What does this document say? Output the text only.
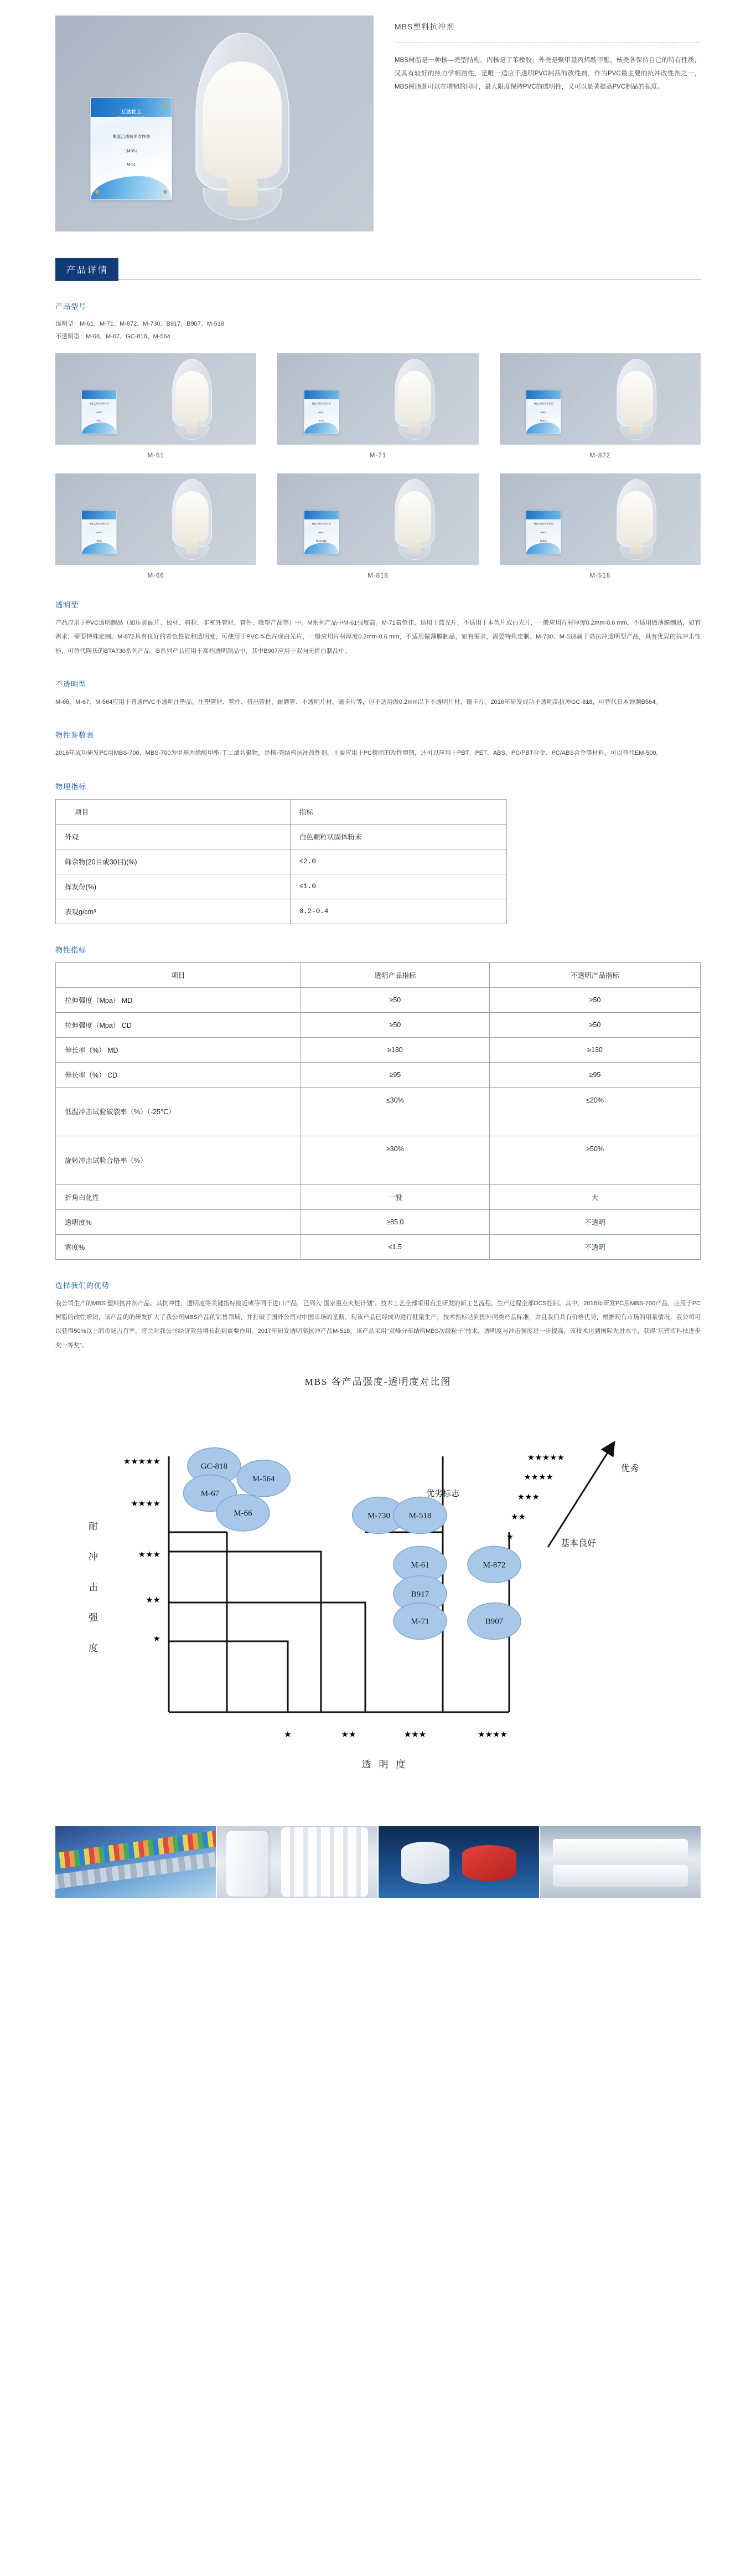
万达化工
WANDA CHEMICAL
聚氯乙烯抗冲改性剂
（MBS）
M-61
MBS塑料抗冲剂

MBS树脂是一种核—壳型结构，内核是丁苯橡胶，外壳是聚甲基丙烯酸甲酯，核壳各保持自己的特有性质，又具有较好的热力学相溶性，是唯一适应于透明PVC制品的改性剂，作为PVC最主要的抗冲改性剂之一，MBS树脂既可以在增韧的同时，最大限度保持PVC的透明性，又可以显著提高PVC制品的强度。

产品详情
产品型号
透明型：M-61、M-71、M-872、M-730、B917、B907、M-518
不透明型：M-66、M-67、GC-818、M-564
聚氯乙烯抗冲改性剂
（MBS）
M-61
M-61
聚氯乙烯抗冲改性剂
（MBS）
M-71
M-71
聚氯乙烯抗冲改性剂
（MBS）
M-872
M-872
聚氯乙烯抗冲改性剂
（MBS）
M-66
M-66
聚氯乙烯抗冲改性剂
（MBS）
M-GC-818
M-818
聚氯乙烯抗冲改性剂
（MBS）
M-518
M-518
透明型

产品应用于PVC透明制品（如压延硬片、板材、料粒、非室外管材、管件、吸塑产品等）中。M系列产品中M-61强度高。M-71着色佳，适用于蓝光片，不适用于本色片或白光片，一般应用片材厚度0.2mm-0.6 mm，不适用做薄膜制品，如有需求，需要特殊定制。M-872具有良好的着色性能和透明度，可使用于PVC本色片或白光片，一般应用片材厚度0.2mm-0.6 mm，不适用做薄膜制品，如有需求，需要特殊定制。M-730、M-518属于高抗冲透明型产品，具有优异的抗冲击性能，可替代陶氏的BTA730系列产品。B系列产品应用于高档透明制品中，其中B907应用于双向无折白制品中。

不透明型

M-66、M-67、M-564应用于普通PVC不透明注塑品、注塑管材、管件、挤出管材、耐磨管、不透明片材、磁卡片等，但不适用做0.2mm以下不透明片材、磁卡片。2016年研发成功不透明高抗冲GC-818，可替代日本钟渊B564。

物性参数表

2016年成功研发PC用MBS-700，MBS-700为甲基丙烯酸甲酯-丁二烯共聚物，是核-壳结构抗冲改性剂。主要应用于PC树脂的改性增韧，还可以应用于PBT、PET、ABS、PC/PBT合金、PC/ABS合金等材料，可以替代EM-500。

物理指标
项目	指标
外观	白色颗粒状固体粉末
筛余物(20目或30目)(%)	≤2.0
挥发份(%)	≤1.0
表观g/cm³	0.2-0.4
物性指标
项目	透明产品指标	不透明产品指标
拉伸强度（Mpa） MD	≥50	≥50
拉伸强度（Mpa） CD	≥50	≥50
伸长率（%） MD	≥130	≥130
伸长率（%） CD	≥95	≥95
低温冲击试验破裂率（%）（-25℃）	≤30%	≤20%
旋转冲击试验合格率（%）	≥30%	≥50%
折角白化性	一般	大
透明度%	≥85.0	不透明
雾度%	≤1.5	不透明
选择我们的优势

我公司生产的MBS 塑料抗冲剂产品。其抗冲性、透明度等关键指标接近或等同于进口产品，已列入“国家重点火炬计划”。技术工艺全部采用自主研发的新工艺流程，生产过程全部DCS控制。其中，2016年研发PC用MBS-700产品，应用于PC树脂的改性增韧，该产品的的研发扩大了我公司MBS产品的销售领域，并打破了国外公司对中国市场的垄断。现该产品已经成功进行批量生产，技术指标达到国外同类产品标准，并且我们具有价格优势，根据现有市场的用量情况，我公司可以获得50%以上的市场占有率，将会对我公司经济效益增长起到重要作用。2017年研发透明高抗冲产品M-518，该产品采用“双峰分布结构MBS次级粒子”技术，透明度与冲击强度进一步提高，该技术达到国际先进水平，获得“东营市科技进步奖一等奖”。

MBS 各产品强度-透明度对比图
耐
冲
击
强
度
★★★★★
★★★★
★★★
★★
★
GC-818
M-564
M-67
M-66	M-730 M-518
M-61	M-872
B917
M-71	B907
★	★★	★★★	★★★★
透明度
优劣标志
★★★★★
★★★★
★★★
★★
★
优秀
基本良好
